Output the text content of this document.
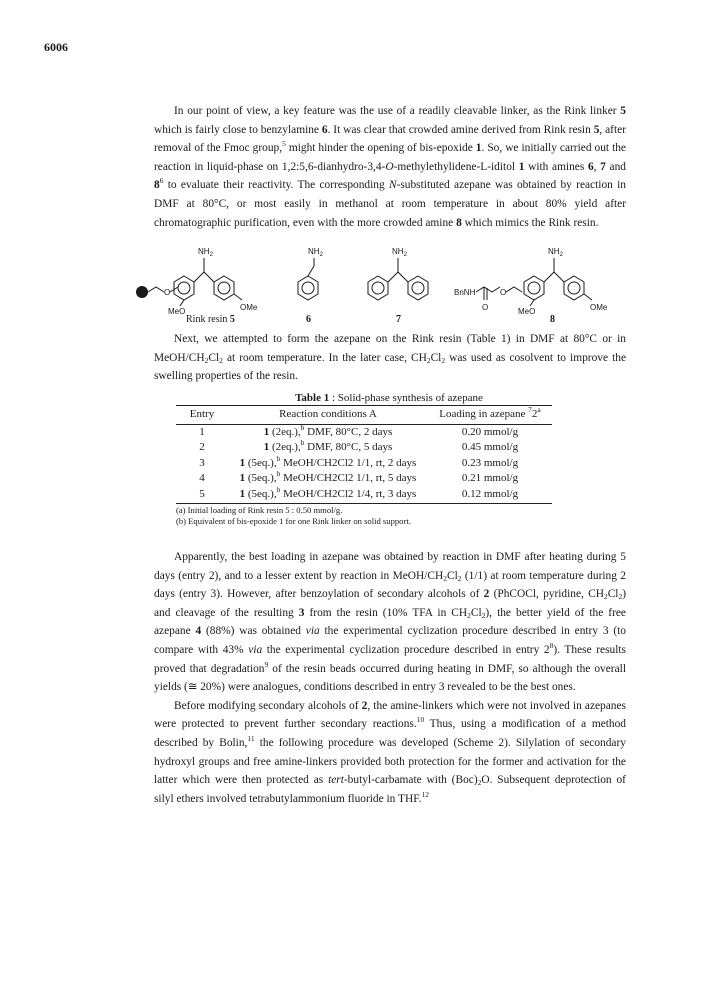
6006

In our point of view, a key feature was the use of a readily cleavable linker, as the Rink linker 5 which is fairly close to benzylamine 6. It was clear that crowded amine derived from Rink resin 5, after removal of the Fmoc group,$^5$ might hinder the opening of bis-epoxide 1. So, we initially carried out the reaction in liquid-phase on 1,2:5,6-dianhydro-3,4-O-methylethylidene-L-iditol 1 with amines 6, 7 and $8^6$ to evaluate their reactivity. The corresponding N-substituted azepane was obtained by reaction in DMF at 80°C, or most easily in methanol at room temperature in about 80% yield after chromatographic purification, even with the more crowded amine 8 which mimics the Rink resin.

O
$NH_2$
MeO	OMe
$NH_2$	$NH_2$
BnNH
O
O
$NH_2$
MeO	OMe
Rink resin 5	6	7	8

Next, we attempted to form the azepane on the Rink resin (Table 1) in DMF at 80°C or in MeOH/$CH_2Cl_2$ at room temperature. In the later case, $CH_2Cl_2$ was used as cosolvent to improve the swelling properties of the resin.

Table 1 : Solid-phase synthesis of azepane
Entry	Reaction conditions A	Loading in azepane $^7$2$^a$
1	1 (2eq.),$^b$ DMF, 80°C, 2 days	0.20 mmol/g
2	1 (2eq.),$^b$ DMF, 80°C, 5 days	0.45 mmol/g
3	1 (5eq.),$^b$ MeOH/CH2Cl2 1/1, rt, 2 days	0.23 mmol/g
4	1 (5eq.),$^b$ MeOH/CH2Cl2 1/1, rt, 5 days	0.21 mmol/g
5	1 (5eq.),$^b$ MeOH/CH2Cl2 1/4, rt, 3 days	0.12 mmol/g
(a) Initial loading of Rink resin 5 : 0.50 mmol/g.
(b) Equivalent of bis-epoxide 1 for one Rink linker on solid support.

Apparently, the best loading in azepane was obtained by reaction in DMF after heating during 5 days (entry 2), and to a lesser extent by reaction in MeOH/$CH_2Cl_2$ (1/1) at room temperature during 2 days (entry 3). However, after benzoylation of secondary alcohols of 2 (PhCOCl, pyridine, $CH_2Cl_2$) and cleavage of the resulting 3 from the resin (10% TFA in $CH_2Cl_2$), the better yield of the free azepane 4 (88%) was obtained via the experimental cyclization procedure described in entry 3 (to compare with 43% via the experimental cyclization procedure described in entry $2^8$). These results proved that degradation$^9$ of the resin beads occurred during heating in DMF, so although the overall yields (≅ 20%) were analogues, conditions described in entry 3 revealed to be the best ones.

Before modifying secondary alcohols of 2, the amine-linkers which were not involved in azepanes were protected to prevent further secondary reactions.$^{10}$ Thus, using a modification of a method described by Bolin,$^{11}$ the following procedure was developed (Scheme 2). Silylation of secondary hydroxyl groups and free amine-linkers provided both protection for the former and activation for the latter which were then protected as tert-butyl-carbamate with $(Boc)_2O$. Subsequent deprotection of silyl ethers involved tetrabutylammonium fluoride in THF.$^{12}$
